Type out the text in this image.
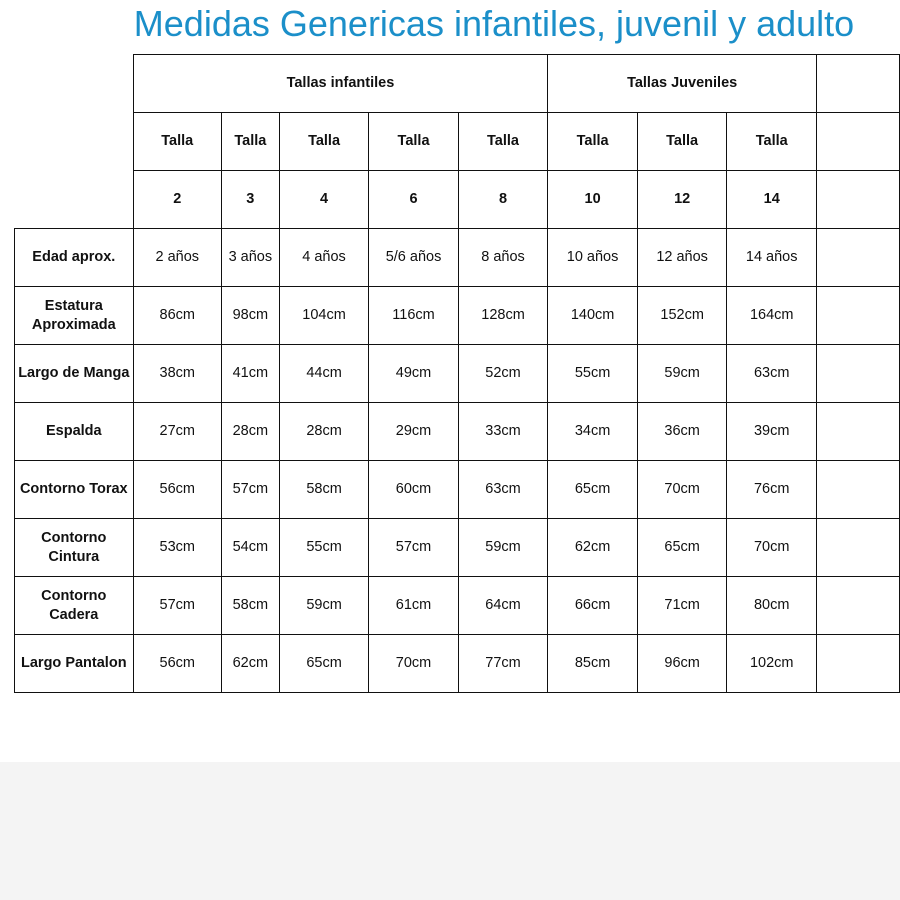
Medidas Genericas infantiles, juvenil y adulto
	Tallas infantiles					Tallas Juveniles			
	Talla	Talla	Talla	Talla	Talla	Talla	Talla	Talla	
	2	3	4	6	8	10	12	14	
Edad aprox.	2 años	3 años	4 años	5/6 años	8 años	10 años	12 años	14 años	
Estatura Aproximada	86cm	98cm	104cm	116cm	128cm	140cm	152cm	164cm	
Largo de Manga	38cm	41cm	44cm	49cm	52cm	55cm	59cm	63cm	
Espalda	27cm	28cm	28cm	29cm	33cm	34cm	36cm	39cm	
Contorno Torax	56cm	57cm	58cm	60cm	63cm	65cm	70cm	76cm	
Contorno Cintura	53cm	54cm	55cm	57cm	59cm	62cm	65cm	70cm	
Contorno Cadera	57cm	58cm	59cm	61cm	64cm	66cm	71cm	80cm	
Largo Pantalon	56cm	62cm	65cm	70cm	77cm	85cm	96cm	102cm	
